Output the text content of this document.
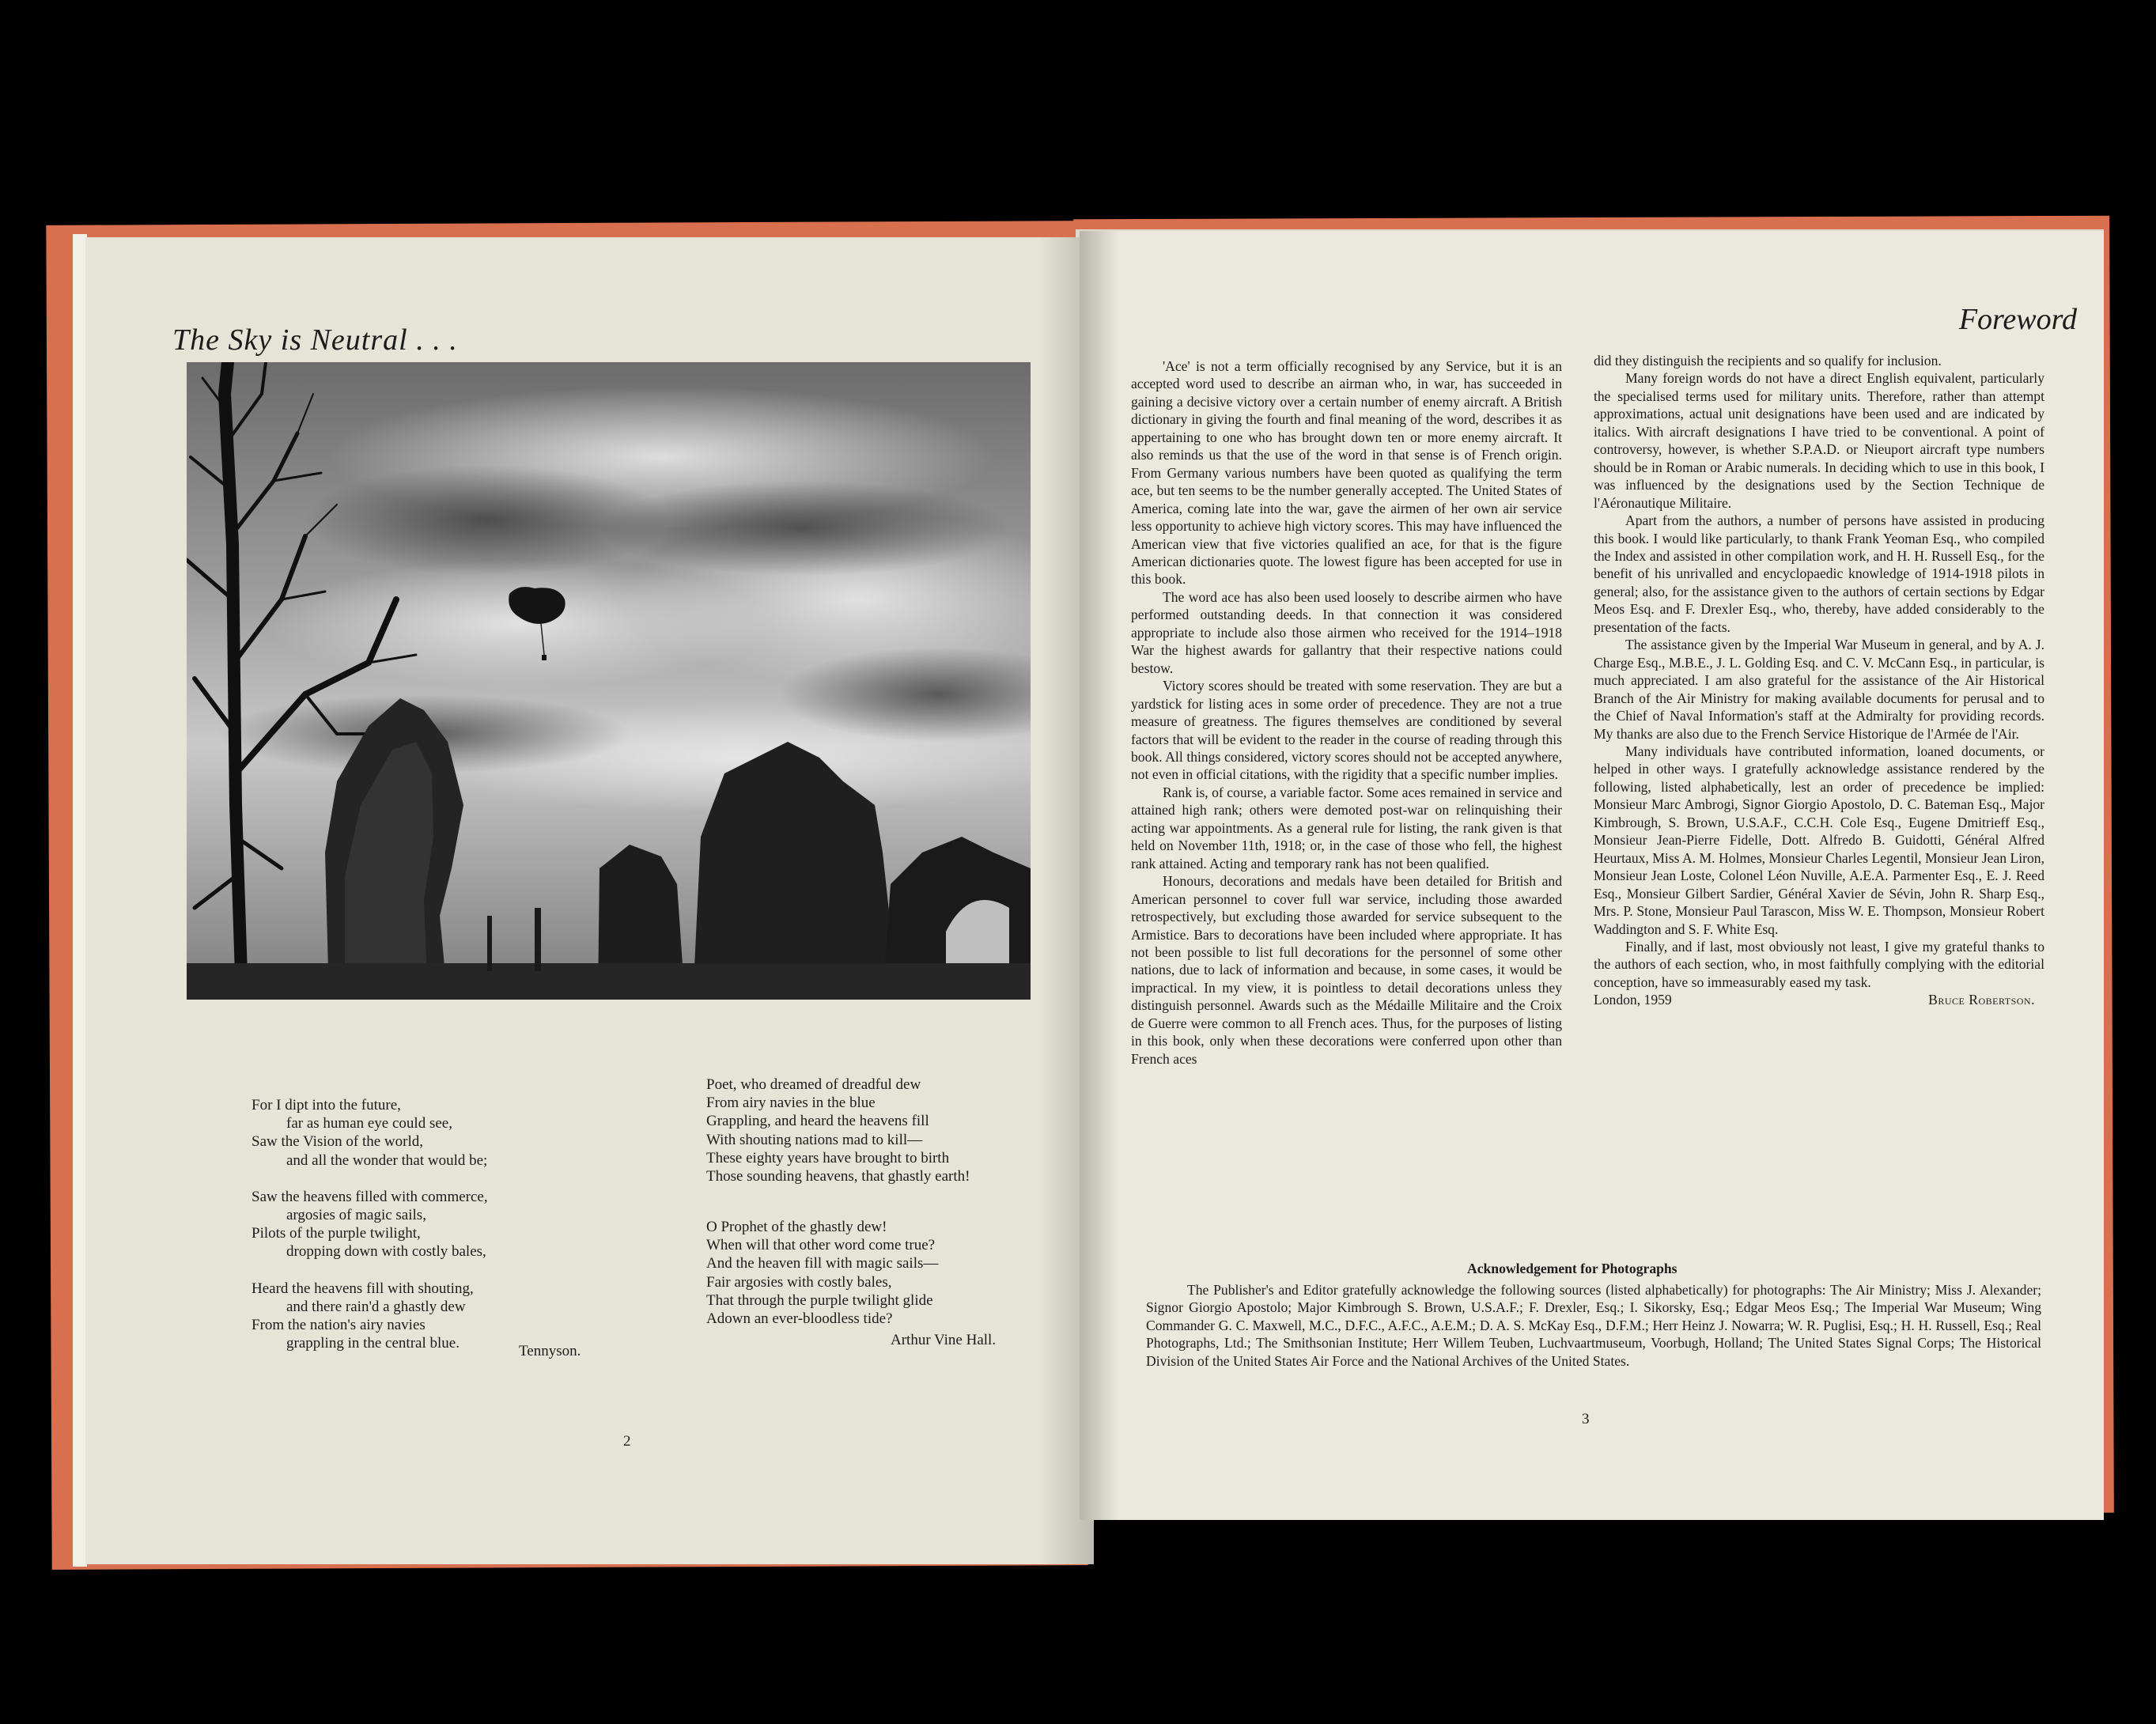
The Sky is Neutral . . .
For I dipt into the future,
far as human eye could see,
Saw the Vision of the world,
and all the wonder that would be;
Saw the heavens filled with commerce,
argosies of magic sails,
Pilots of the purple twilight,
dropping down with costly bales,
Heard the heavens fill with shouting,
and there rain'd a ghastly dew
From the nation's airy navies
grappling in the central blue.	Tennyson.
Poet, who dreamed of dreadful dew
From airy navies in the blue
Grappling, and heard the heavens fill
With shouting nations mad to kill—
These eighty years have brought to birth
Those sounding heavens, that ghastly earth!
O Prophet of the ghastly dew!
When will that other word come true?
And the heaven fill with magic sails—
Fair argosies with costly bales,
That through the purple twilight glide
Adown an ever-bloodless tide?
Arthur Vine Hall.
2
Foreword

'Ace' is not a term officially recognised by any Service, but it is an accepted word used to describe an airman who, in war, has succeeded in gaining a decisive victory over a certain number of enemy aircraft. A British dictionary in giving the fourth and final meaning of the word, describes it as appertaining to one who has brought down ten or more enemy aircraft. It also reminds us that the use of the word in that sense is of French origin. From Germany various numbers have been quoted as qualifying the term ace, but ten seems to be the number generally accepted. The United States of America, coming late into the war, gave the airmen of her own air service less opportunity to achieve high victory scores. This may have influenced the American view that five victories qualified an ace, for that is the figure American dictionaries quote. The lowest figure has been accepted for use in this book.

The word ace has also been used loosely to describe airmen who have performed outstanding deeds. In that connection it was considered appropriate to include also those airmen who received for the 1914–1918 War the highest awards for gallantry that their respective nations could bestow.

Victory scores should be treated with some reservation. They are but a yardstick for listing aces in some order of precedence. They are not a true measure of greatness. The figures themselves are conditioned by several factors that will be evident to the reader in the course of reading through this book. All things considered, victory scores should not be accepted anywhere, not even in official citations, with the rigidity that a specific number implies.

Rank is, of course, a variable factor. Some aces remained in service and attained high rank; others were demoted post-war on relinquishing their acting war appointments. As a general rule for listing, the rank given is that held on November 11th, 1918; or, in the case of those who fell, the highest rank attained. Acting and temporary rank has not been qualified.

Honours, decorations and medals have been detailed for British and American personnel to cover full war service, including those awarded retrospectively, but excluding those awarded for service subsequent to the Armistice. Bars to decorations have been included where appropriate. It has not been possible to list full decorations for the personnel of some other nations, due to lack of information and because, in some cases, it would be impractical. In my view, it is pointless to detail decorations unless they distinguish personnel. Awards such as the Médaille Militaire and the Croix de Guerre were common to all French aces. Thus, for the purposes of listing in this book, only when these decorations were conferred upon other than French aces

did they distinguish the recipients and so qualify for inclusion.

Many foreign words do not have a direct English equivalent, particularly the specialised terms used for military units. Therefore, rather than attempt approximations, actual unit designations have been used and are indicated by italics. With aircraft designations I have tried to be conventional. A point of controversy, however, is whether S.P.A.D. or Nieuport aircraft type numbers should be in Roman or Arabic numerals. In deciding which to use in this book, I was influenced by the designations used by the Section Technique de l'Aéronautique Militaire.

Apart from the authors, a number of persons have assisted in producing this book. I would like particularly, to thank Frank Yeoman Esq., who compiled the Index and assisted in other compilation work, and H. H. Russell Esq., for the benefit of his unrivalled and encyclopaedic knowledge of 1914-1918 pilots in general; also, for the assistance given to the authors of certain sections by Edgar Meos Esq. and F. Drexler Esq., who, thereby, have added considerably to the presentation of the facts.

The assistance given by the Imperial War Museum in general, and by A. J. Charge Esq., M.B.E., J. L. Golding Esq. and C. V. McCann Esq., in particular, is much appreciated. I am also grateful for the assistance of the Air Historical Branch of the Air Ministry for making available documents for perusal and to the Chief of Naval Information's staff at the Admiralty for providing records. My thanks are also due to the French Service Historique de l'Armée de l'Air.

Many individuals have contributed information, loaned documents, or helped in other ways. I gratefully acknowledge assistance rendered by the following, listed alphabetically, lest an order of precedence be implied: Monsieur Marc Ambrogi, Signor Giorgio Apostolo, D. C. Bateman Esq., Major Kimbrough, S. Brown, U.S.A.F., C.C.H. Cole Esq., Eugene Dmitrieff Esq., Monsieur Jean-Pierre Fidelle, Dott. Alfredo B. Guidotti, Général Alfred Heurtaux, Miss A. M. Holmes, Monsieur Charles Legentil, Monsieur Jean Liron, Monsieur Jean Loste, Colonel Léon Nuville, A.E.A. Parmenter Esq., E. J. Reed Esq., Monsieur Gilbert Sardier, Général Xavier de Sévin, John R. Sharp Esq., Mrs. P. Stone, Monsieur Paul Tarascon, Miss W. E. Thompson, Monsieur Robert Waddington and S. F. White Esq.

Finally, and if last, most obviously not least, I give my grateful thanks to the authors of each section, who, in most faithfully complying with the editorial conception, have so immeasurably eased my task.

London, 1959	Bruce Robertson.
Acknowledgement for Photographs

The Publisher's and Editor gratefully acknowledge the following sources (listed alphabetically) for photographs: The Air Ministry; Miss J. Alexander; Signor Giorgio Apostolo; Major Kimbrough S. Brown, U.S.A.F.; F. Drexler, Esq.; I. Sikorsky, Esq.; Edgar Meos Esq.; The Imperial War Museum; Wing Commander G. C. Maxwell, M.C., D.F.C., A.F.C., A.E.M.; D. A. S. McKay Esq., D.F.M.; Herr Heinz J. Nowarra; W. R. Puglisi, Esq.; H. H. Russell, Esq.; Real Photographs, Ltd.; The Smithsonian Institute; Herr Willem Teuben, Luchvaartmuseum, Voorbugh, Holland; The United States Signal Corps; The Historical Division of the United States Air Force and the National Archives of the United States.

3
